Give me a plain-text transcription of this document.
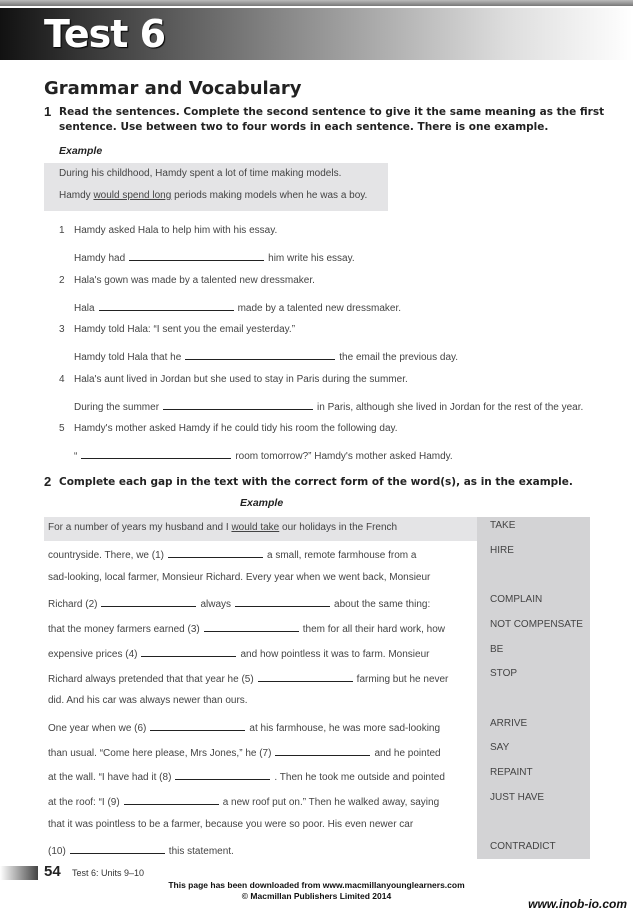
Test 6
Grammar and Vocabulary
1 Read the sentences. Complete the second sentence to give it the same meaning as the first
sentence. Use between two to four words in each sentence. There is one example.
Example
During his childhood, Hamdy spent a lot of time making models.
Hamdy would spend long periods making models when he was a boy.
1 Hamdy asked Hala to help him with his essay.
Hamdy had	him write his essay.
2 Hala's gown was made by a talented new dressmaker.
Hala	made by a talented new dressmaker.
3 Hamdy told Hala: “I sent you the email yesterday.”
Hamdy told Hala that he	the email the previous day.
4 Hala's aunt lived in Jordan but she used to stay in Paris during the summer.
During the summer	in Paris, although she lived in Jordan for the rest of the year.
5 Hamdy's mother asked Hamdy if he could tidy his room the following day.
“	room tomorrow?” Hamdy's mother asked Hamdy.
2 Complete each gap in the text with the correct form of the word(s), as in the example.
Example
For a number of years my husband and I would take our holidays in the French
countryside. There, we (1)	a small, remote farmhouse from a
sad-looking, local farmer, Monsieur Richard. Every year when we went back, Monsieur
Richard (2)	always	about the same thing:
that the money farmers earned (3)	them for all their hard work, how
expensive prices (4)	and how pointless it was to farm. Monsieur
Richard always pretended that that year he (5)	farming but he never
did. And his car was always newer than ours.
One year when we (6)	at his farmhouse, he was more sad-looking
than usual. “Come here please, Mrs Jones,” he (7)	and he pointed
at the wall. “I have had it (8)	. Then he took me outside and pointed
at the roof: “I (9)	a new roof put on.” Then he walked away, saying
that it was pointless to be a farmer, because you were so poor. His even newer car
(10)	this statement.
TAKE
HIRE
COMPLAIN
NOT COMPENSATE
BE
STOP
ARRIVE
SAY
REPAINT
JUST HAVE
CONTRADICT
54 Test 6: Units 9–10
This page has been downloaded from www.macmillanyounglearners.com
© Macmillan Publishers Limited 2014
www.inob-io.com
